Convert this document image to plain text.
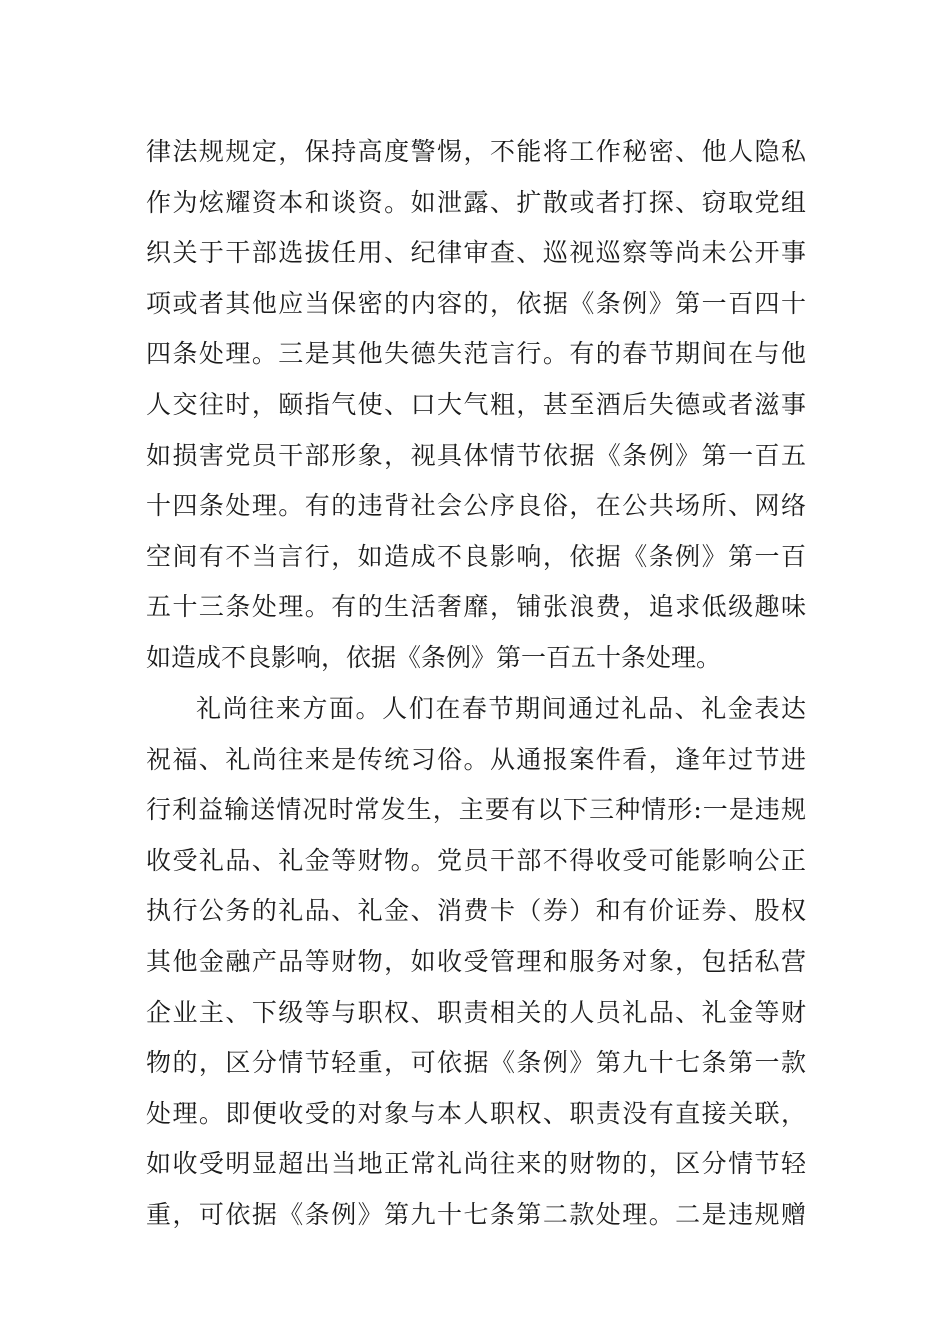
律法规规定，保持高度警惕，不能将工作秘密、他人隐私
作为炫耀资本和谈资。如泄露、扩散或者打探、窃取党组
织关于干部选拔任用、纪律审查、巡视巡察等尚未公开事
项或者其他应当保密的内容的，依据《条例》第一百四十
四条处理。三是其他失德失范言行。有的春节期间在与他
人交往时，颐指气使、口大气粗，甚至酒后失德或者滋事
如损害党员干部形象，视具体情节依据《条例》第一百五
十四条处理。有的违背社会公序良俗，在公共场所、网络
空间有不当言行，如造成不良影响，依据《条例》第一百
五十三条处理。有的生活奢靡，铺张浪费，追求低级趣味
如造成不良影响，依据《条例》第一百五十条处理。
礼尚往来方面。人们在春节期间通过礼品、礼金表达
祝福、礼尚往来是传统习俗。从通报案件看，逢年过节进
行利益输送情况时常发生，主要有以下三种情形:一是违规
收受礼品、礼金等财物。党员干部不得收受可能影响公正
执行公务的礼品、礼金、消费卡（券）和有价证券、股权
其他金融产品等财物，如收受管理和服务对象，包括私营
企业主、下级等与职权、职责相关的人员礼品、礼金等财
物的，区分情节轻重，可依据《条例》第九十七条第一款
处理。即便收受的对象与本人职权、职责没有直接关联，
如收受明显超出当地正常礼尚往来的财物的，区分情节轻
重，可依据《条例》第九十七条第二款处理。二是违规赠
